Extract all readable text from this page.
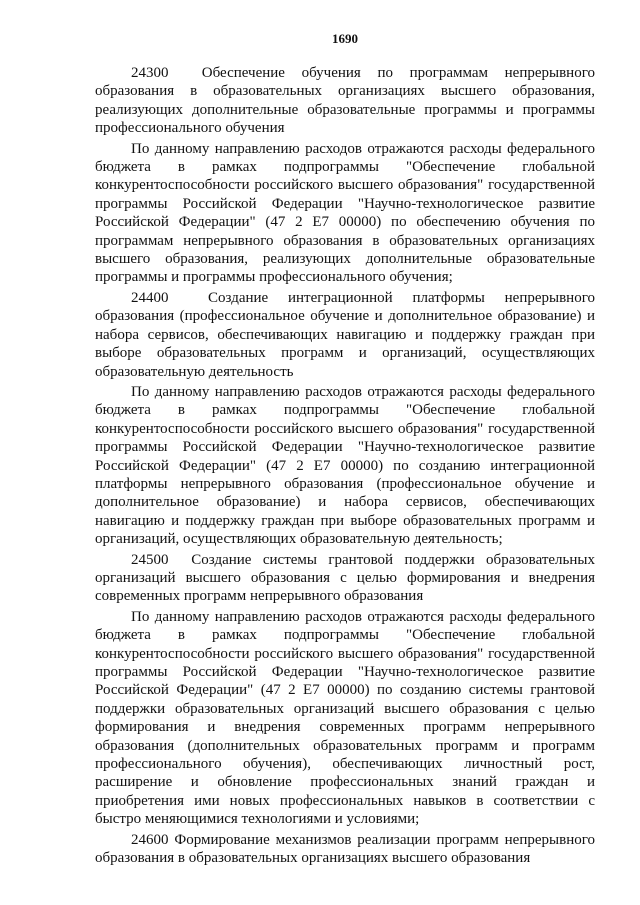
1690

24300  Обеспечение обучения по программам непрерывного образования в образовательных организациях высшего образования, реализующих дополнительные образовательные программы и программы профессионального обучения

По данному направлению расходов отражаются расходы федерального бюджета в рамках подпрограммы "Обеспечение глобальной конкурентоспособности российского высшего образования" государственной программы Российской Федерации "Научно-технологическое развитие Российской Федерации" (47 2 Е7 00000) по обеспечению обучения по программам непрерывного образования в образовательных организациях высшего образования, реализующих дополнительные образовательные программы и программы профессионального обучения;

24400  Создание интеграционной платформы непрерывного образования (профессиональное обучение и дополнительное образование) и набора сервисов, обеспечивающих навигацию и поддержку граждан при выборе образовательных программ и организаций, осуществляющих образовательную деятельность

По данному направлению расходов отражаются расходы федерального бюджета в рамках подпрограммы "Обеспечение глобальной конкурентоспособности российского высшего образования" государственной программы Российской Федерации "Научно-технологическое развитие Российской Федерации" (47 2 Е7 00000) по созданию интеграционной платформы непрерывного образования (профессиональное обучение и дополнительное образование) и набора сервисов, обеспечивающих навигацию и поддержку граждан при выборе образовательных программ и организаций, осуществляющих образовательную деятельность;

24500  Создание системы грантовой поддержки образовательных организаций высшего образования с целью формирования и внедрения современных программ непрерывного образования

По данному направлению расходов отражаются расходы федерального бюджета в рамках подпрограммы "Обеспечение глобальной конкурентоспособности российского высшего образования" государственной программы Российской Федерации "Научно-технологическое развитие Российской Федерации" (47 2 Е7 00000) по созданию системы грантовой поддержки образовательных организаций высшего образования с целью формирования и внедрения современных программ непрерывного образования (дополнительных образовательных программ и программ профессионального обучения), обеспечивающих личностный рост, расширение и обновление профессиональных знаний граждан и приобретения ими новых профессиональных навыков в соответствии с быстро меняющимися технологиями и условиями;

24600 Формирование механизмов реализации программ непрерывного образования в образовательных организациях высшего образования
